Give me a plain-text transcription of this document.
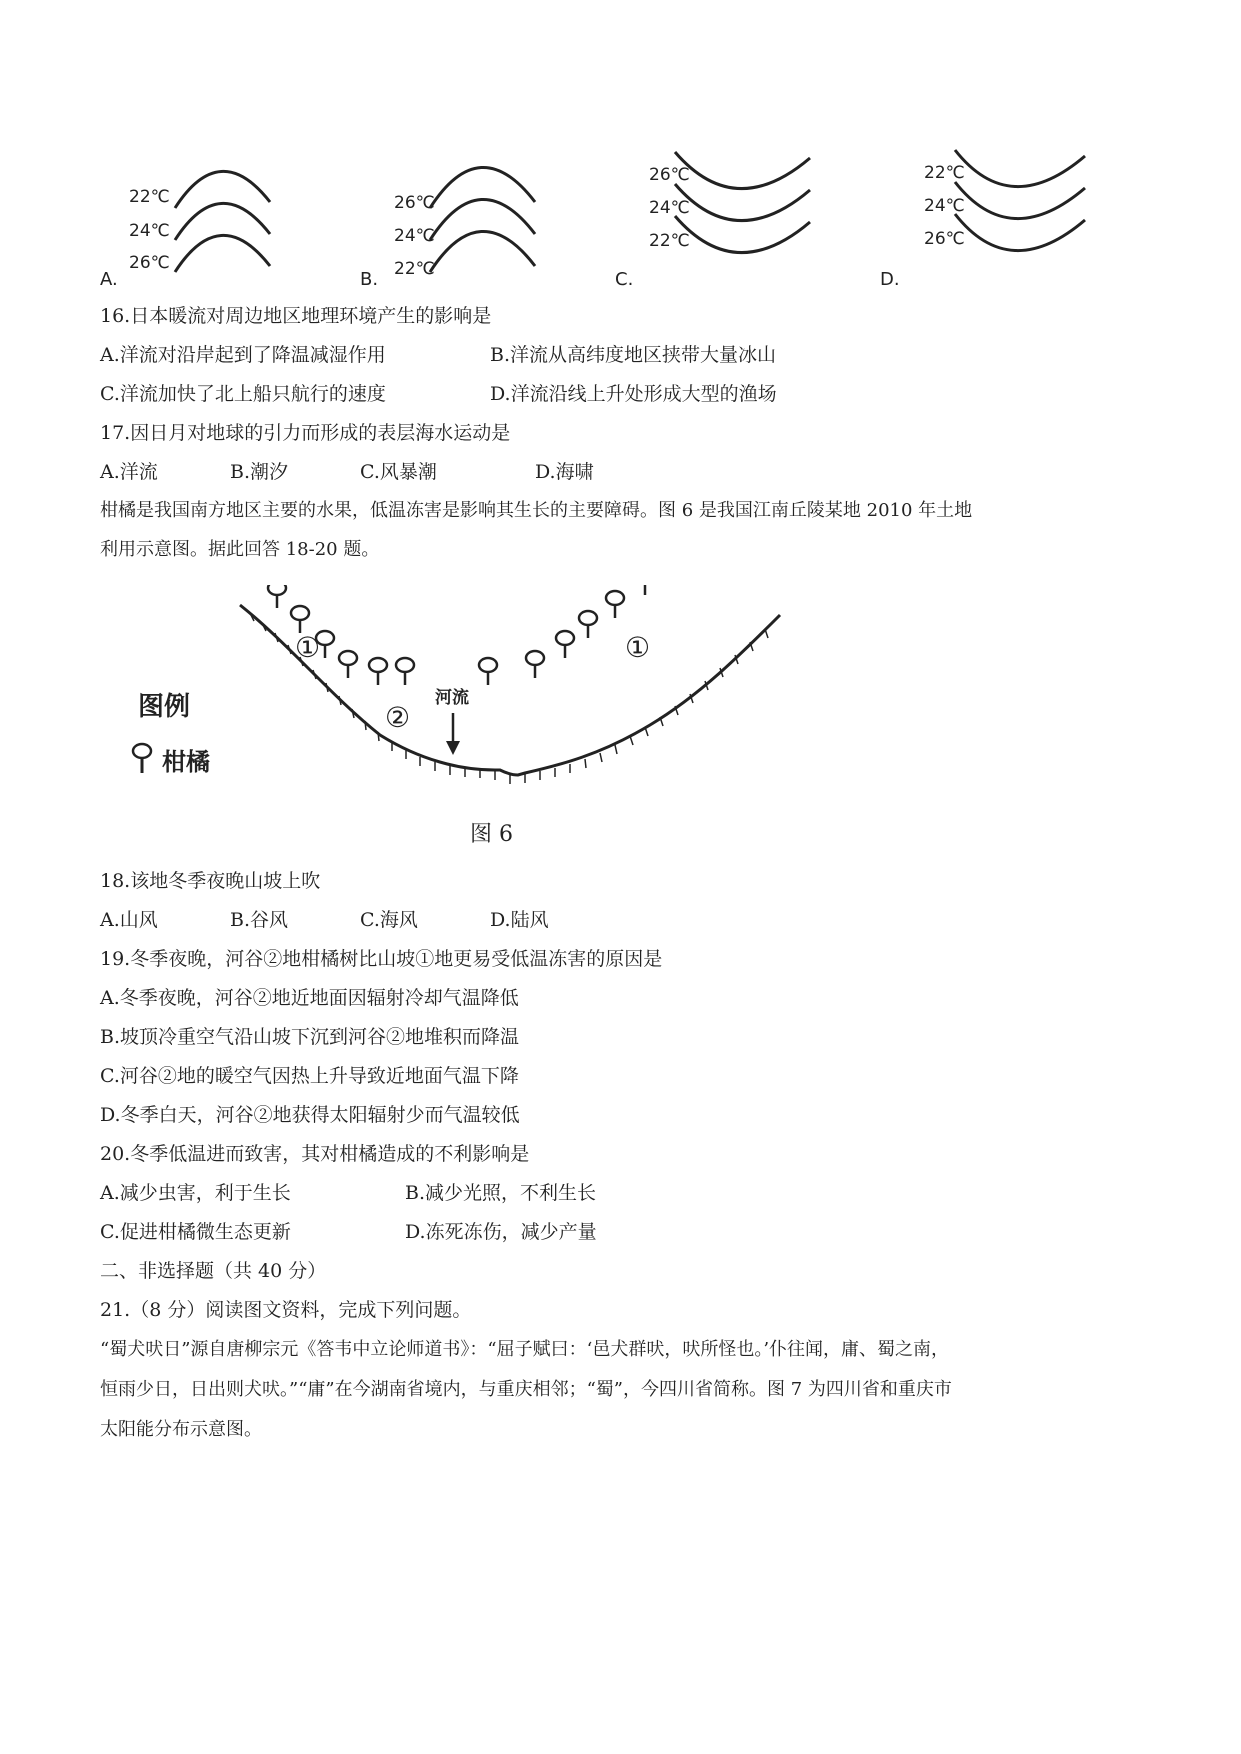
22℃
24℃
26℃
A.
26℃
24℃
22℃
B.
26℃
24℃
22℃
C.
22℃
24℃
26℃
D.
16.日本暖流对周边地区地理环境产生的影响是
A.洋流对沿岸起到了降温减湿作用	B.洋流从高纬度地区挟带大量冰山
C.洋流加快了北上船只航行的速度	D.洋流沿线上升处形成大型的渔场
17.因日月对地球的引力而形成的表层海水运动是
A.洋流	B.潮汐	C.风暴潮	D.海啸
柑橘是我国南方地区主要的水果，低温冻害是影响其生长的主要障碍。图 6 是我国江南丘陵某地 2010 年土地
利用示意图。据此回答 18-20 题。
图例
柑橘
①	①
②
河流
图 6
18.该地冬季夜晚山坡上吹
A.山风	B.谷风	C.海风	D.陆风
19.冬季夜晚，河谷②地柑橘树比山坡①地更易受低温冻害的原因是
A.冬季夜晚，河谷②地近地面因辐射冷却气温降低
B.坡顶冷重空气沿山坡下沉到河谷②地堆积而降温
C.河谷②地的暖空气因热上升导致近地面气温下降
D.冬季白天，河谷②地获得太阳辐射少而气温较低
20.冬季低温进而致害，其对柑橘造成的不利影响是
A.减少虫害，利于生长	B.减少光照，不利生长
C.促进柑橘微生态更新	D.冻死冻伤，减少产量
二、非选择题（共 40 分）
21.（8 分）阅读图文资料，完成下列问题。
“蜀犬吠日”源自唐柳宗元《答韦中立论师道书》：“屈子赋曰：‘邑犬群吠，吠所怪也。’仆往闻，庸、蜀之南，
恒雨少日，日出则犬吠。”“庸”在今湖南省境内，与重庆相邻；“蜀”，今四川省简称。图 7 为四川省和重庆市
太阳能分布示意图。
